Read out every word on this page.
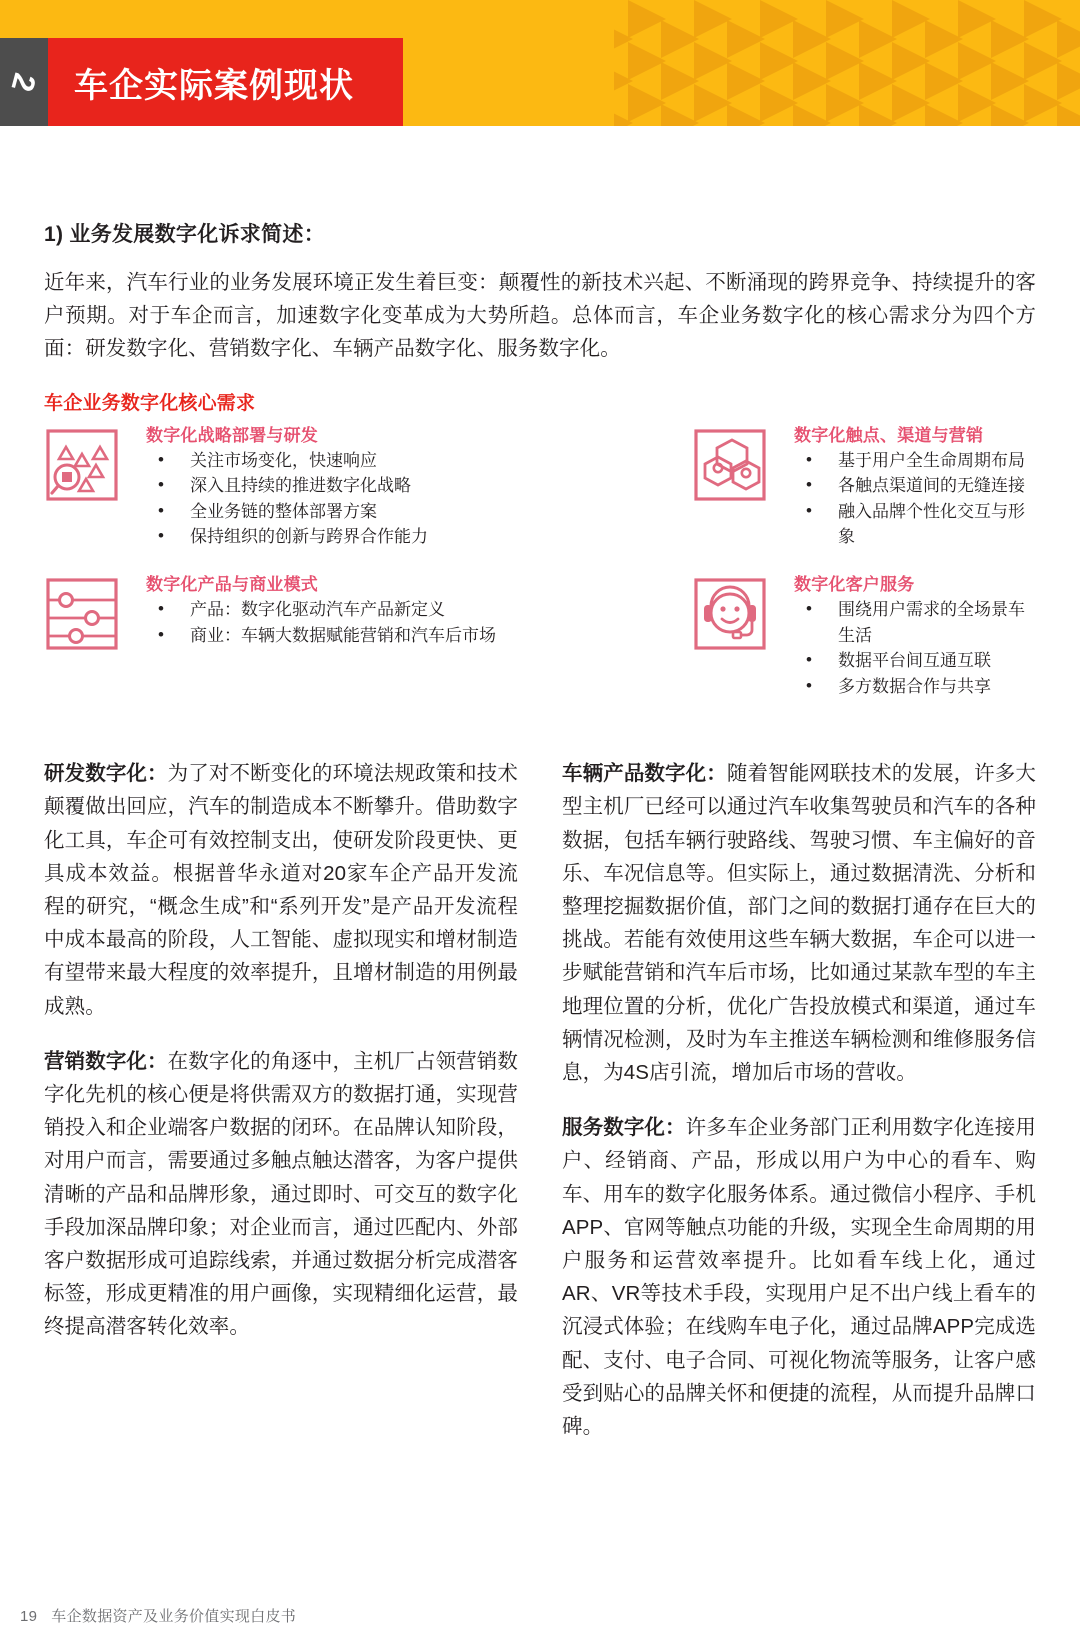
2 车企实际案例现状
1) 业务发展数字化诉求简述：

近年来，汽车行业的业务发展环境正发生着巨变：颠覆性的新技术兴起、不断涌现的跨界竞争、持续提升的客户预期。对于车企而言，加速数字化变革成为大势所趋。总体而言，车企业务数字化的核心需求分为四个方面：研发数字化、营销数字化、车辆产品数字化、服务数字化。

车企业务数字化核心需求
数字化战略部署与研发
• 关注市场变化，快速响应
• 深入且持续的推进数字化战略
• 全业务链的整体部署方案
• 保持组织的创新与跨界合作能力
数字化触点、渠道与营销
• 基于用户全生命周期布局
• 各触点渠道间的无缝连接
• 融入品牌个性化交互与形象
数字化产品与商业模式
• 产品：数字化驱动汽车产品新定义
• 商业：车辆大数据赋能营销和汽车后市场
数字化客户服务
• 围绕用户需求的全场景车生活
• 数据平台间互通互联
• 多方数据合作与共享

研发数字化：为了对不断变化的环境法规政策和技术颠覆做出回应，汽车的制造成本不断攀升。借助数字化工具，车企可有效控制支出，使研发阶段更快、更具成本效益。根据普华永道对20家车企产品开发流程的研究，“概念生成”和“系列开发”是产品开发流程中成本最高的阶段，人工智能、虚拟现实和增材制造有望带来最大程度的效率提升，且增材制造的用例最成熟。

营销数字化：在数字化的角逐中，主机厂占领营销数字化先机的核心便是将供需双方的数据打通，实现营销投入和企业端客户数据的闭环。在品牌认知阶段，对用户而言，需要通过多触点触达潜客，为客户提供清晰的产品和品牌形象，通过即时、可交互的数字化手段加深品牌印象；对企业而言，通过匹配内、外部客户数据形成可追踪线索，并通过数据分析完成潜客标签，形成更精准的用户画像，实现精细化运营，最终提高潜客转化效率。

车辆产品数字化：随着智能网联技术的发展，许多大型主机厂已经可以通过汽车收集驾驶员和汽车的各种数据，包括车辆行驶路线、驾驶习惯、车主偏好的音乐、车况信息等。但实际上，通过数据清洗、分析和整理挖掘数据价值，部门之间的数据打通存在巨大的挑战。若能有效使用这些车辆大数据，车企可以进一步赋能营销和汽车后市场，比如通过某款车型的车主地理位置的分析，优化广告投放模式和渠道，通过车辆情况检测，及时为车主推送车辆检测和维修服务信息，为4S店引流，增加后市场的营收。

服务数字化：许多车企业务部门正利用数字化连接用户、经销商、产品，形成以用户为中心的看车、购车、用车的数字化服务体系。通过微信小程序、手机APP、官网等触点功能的升级，实现全生命周期的用户服务和运营效率提升。比如看车线上化，通过AR、VR等技术手段，实现用户足不出户线上看车的沉浸式体验；在线购车电子化，通过品牌APP完成选配、支付、电子合同、可视化物流等服务，让客户感受到贴心的品牌关怀和便捷的流程，从而提升品牌口碑。

19 车企数据资产及业务价值实现白皮书
